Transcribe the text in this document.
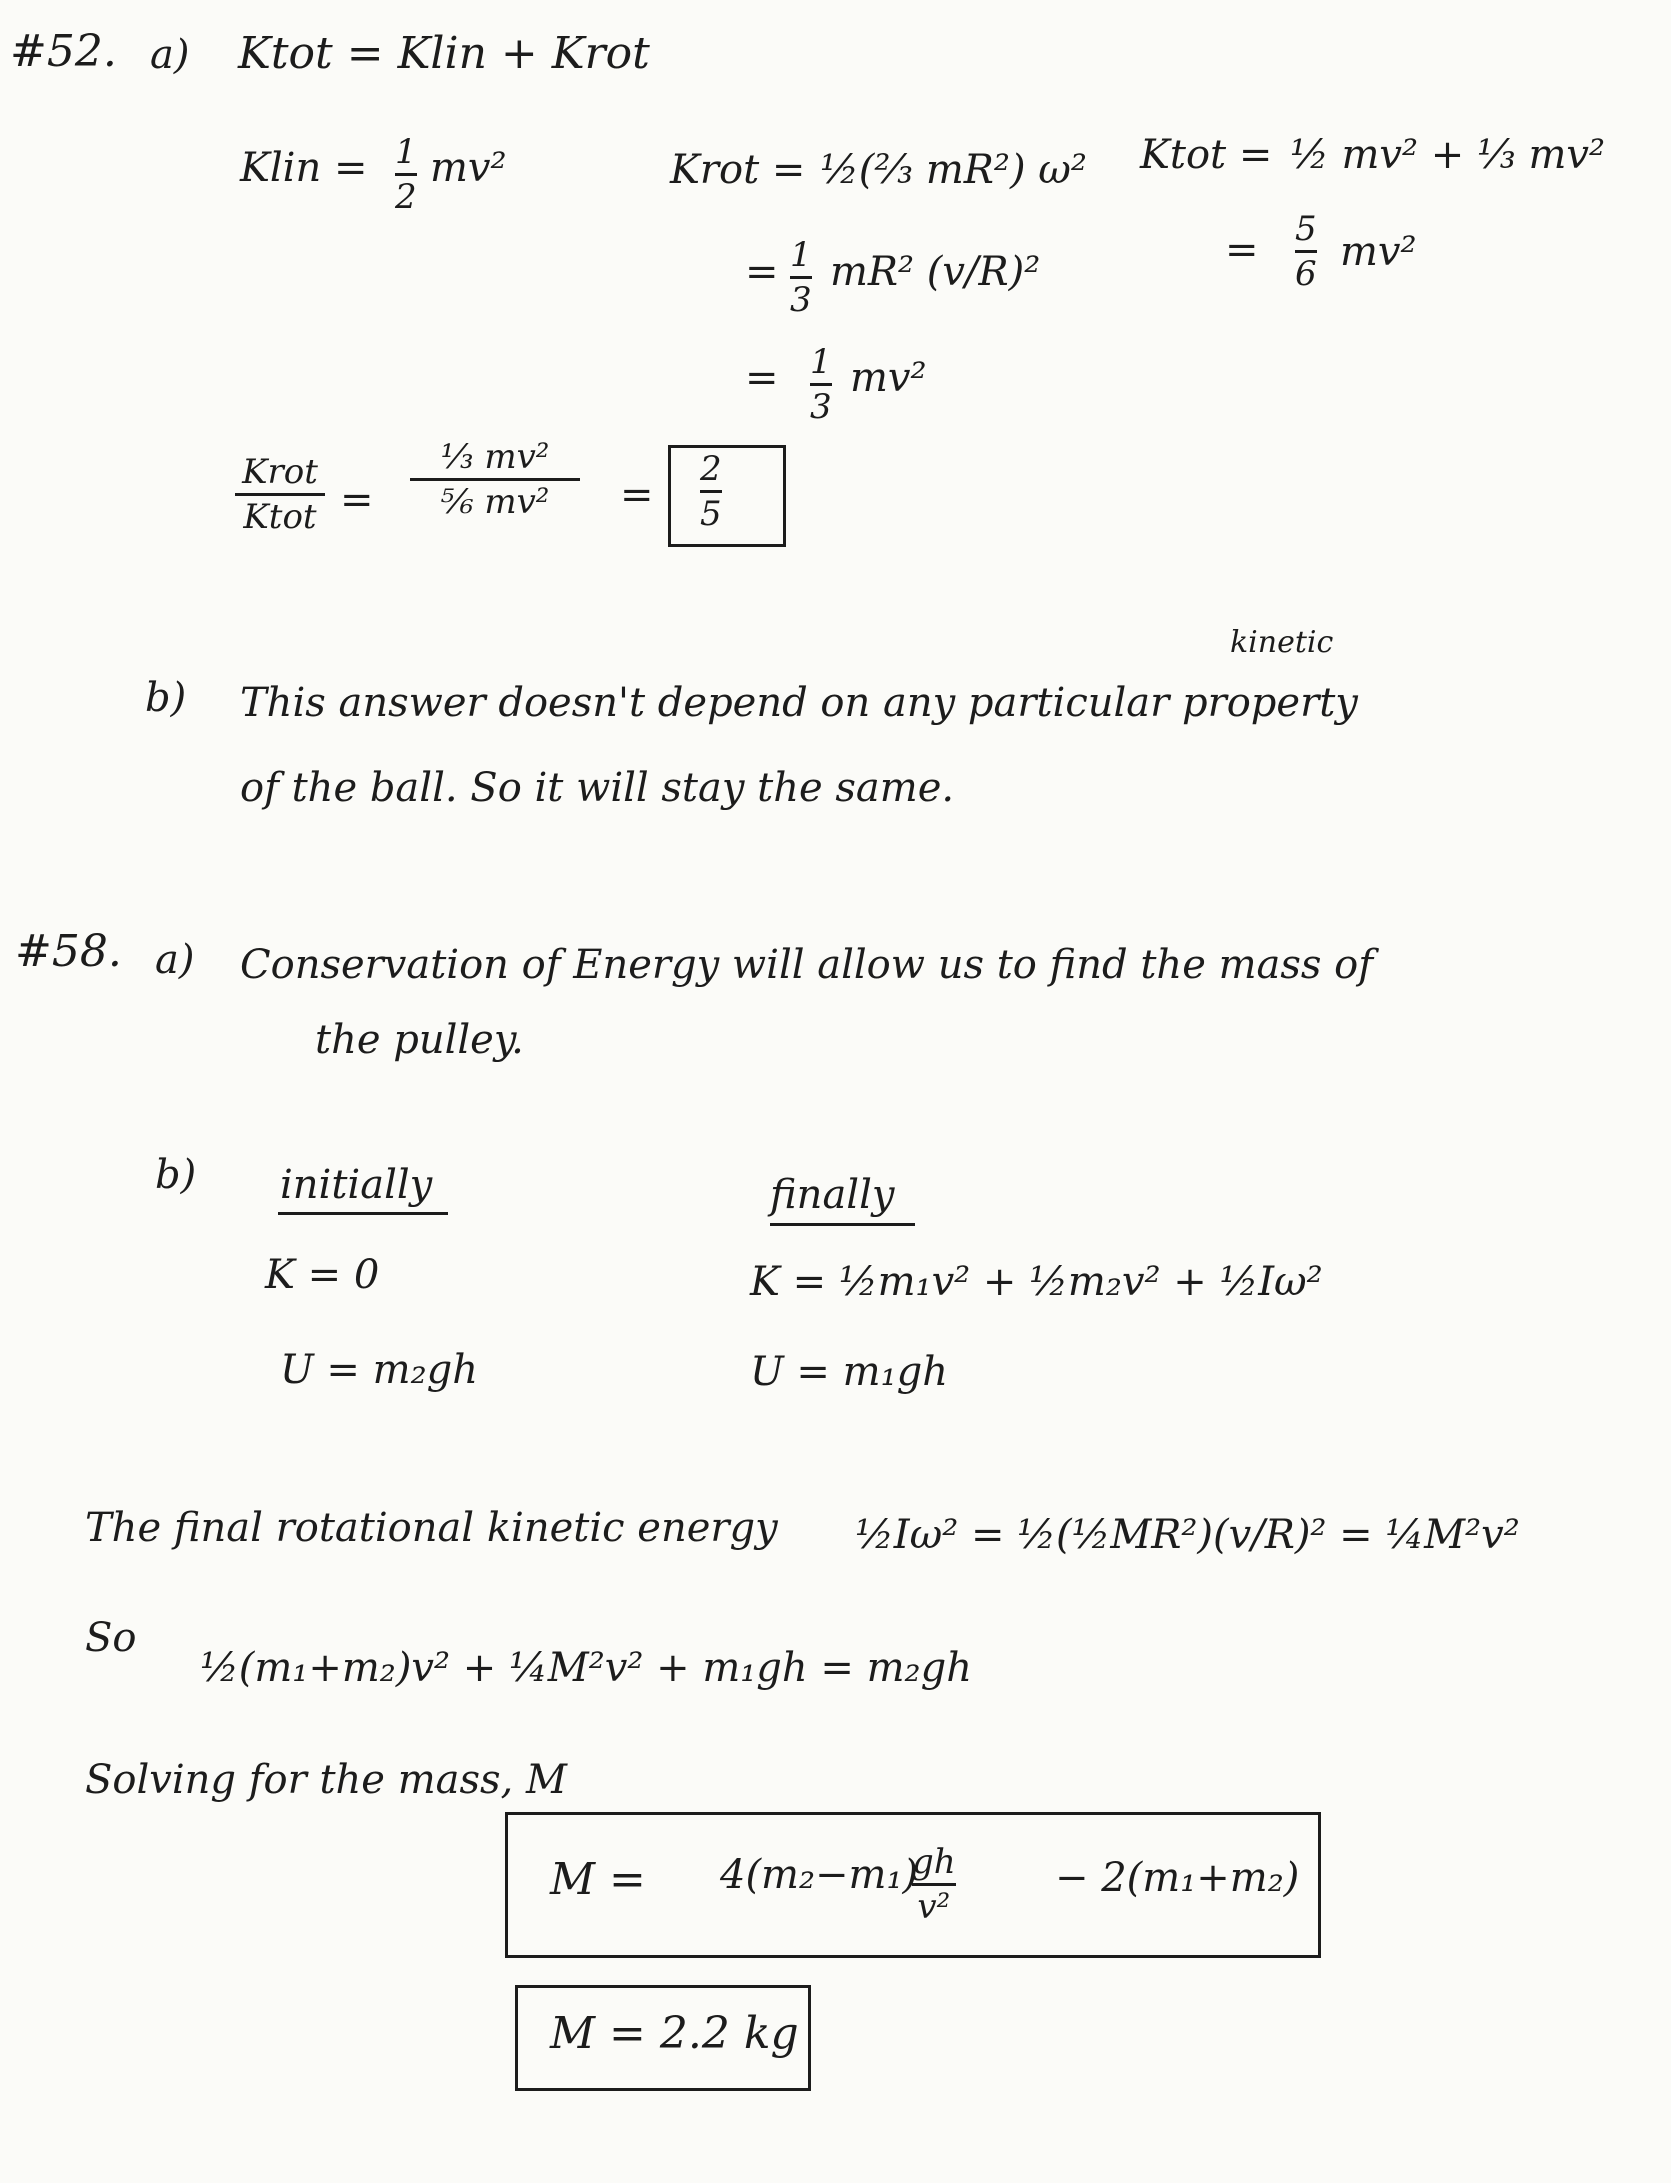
#52. a) Ktot = Klin + Krot
Klin = 1
2
mv²	Krot = ½(⅔ mR²) ω²
= 1
3
mR² (v/R)²
= 1
3
mv²
Ktot = ½ mv² + ⅓ mv²
= 5
6 mv²
Krot
Ktot =
⅓ mv²
⅚ mv² =
2
5
kinetic
b) This answer doesn't depend on any particular property
of the ball. So it will stay the same.
#58. a) Conservation of Energy will allow us to find the mass of
the pulley.
b) initially
K = 0
U = m₂gh
finally
K = ½m₁v² + ½m₂v² + ½Iω²
U = m₁gh
The final rotational kinetic energy ½Iω² = ½(½MR²)(v/R)² = ¼M²v²
So
½(m₁+m₂)v² + ¼M²v² + m₁gh = m₂gh
Solving for the mass, M
M = 4(m₂−m₁)
gh
v²
− 2(m₁+m₂)
M = 2.2 kg
